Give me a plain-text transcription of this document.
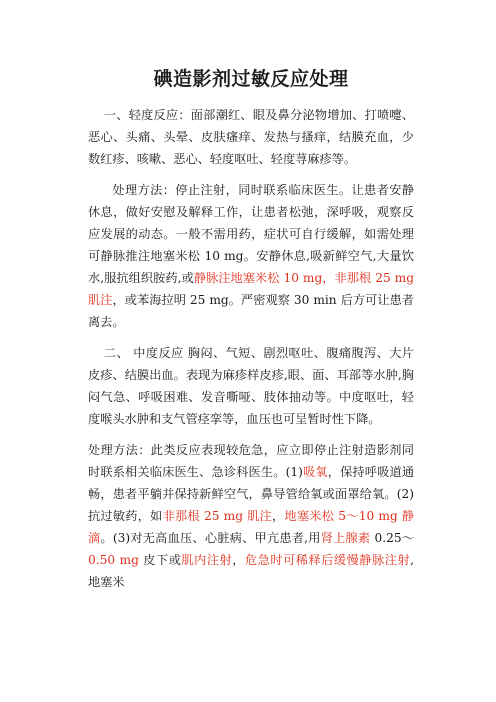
碘造影剂过敏反应处理

一、轻度反应：面部潮红、眼及鼻分泌物增加、打喷嚏、恶心、头痛、头晕、皮肤瘙痒、发热与搔痒，结膜充血，少数红疹、咳嗽、恶心、轻度呕吐、轻度荨麻疹等。

处理方法：停止注射，同时联系临床医生。让患者安静休息，做好安慰及解释工作，让患者松弛，深呼吸，观察反应发展的动态。一般不需用药，症状可自行缓解，如需处理可静脉推注地塞米松 10 mg。安静休息,吸新鲜空气,大量饮水,服抗组织胺药,或静脉注地塞米松 10 mg，非那根 25 mg 肌注，或苯海拉明 25 mg。严密观察 30 min 后方可让患者离去。

二、 中度反应 胸闷、气短、剧烈呕吐、腹痛腹泻、大片皮疹、结膜出血。表现为麻疹样皮疹,眼、面、耳部等水肿,胸闷气急、呼吸困难、发音嘶哑、肢体抽动等。中度呕吐，轻度喉头水肿和支气管痉挛等，血压也可呈暂时性下降。

处理方法：此类反应表现较危急，应立即停止注射造影剂同时联系相关临床医生、急诊科医生。(1)吸氧，保持呼吸道通畅，患者平躺并保持新鲜空气，鼻导管给氧或面罩给氧。(2) 抗过敏药，如非那根 25 mg 肌注，地塞米松 5～10 mg 静滴。(3)对无高血压、心脏病、甲亢患者,用肾上腺素 0.25～0.50 mg 皮下或肌内注射，危急时可稀释后缓慢静脉注射,地塞米
